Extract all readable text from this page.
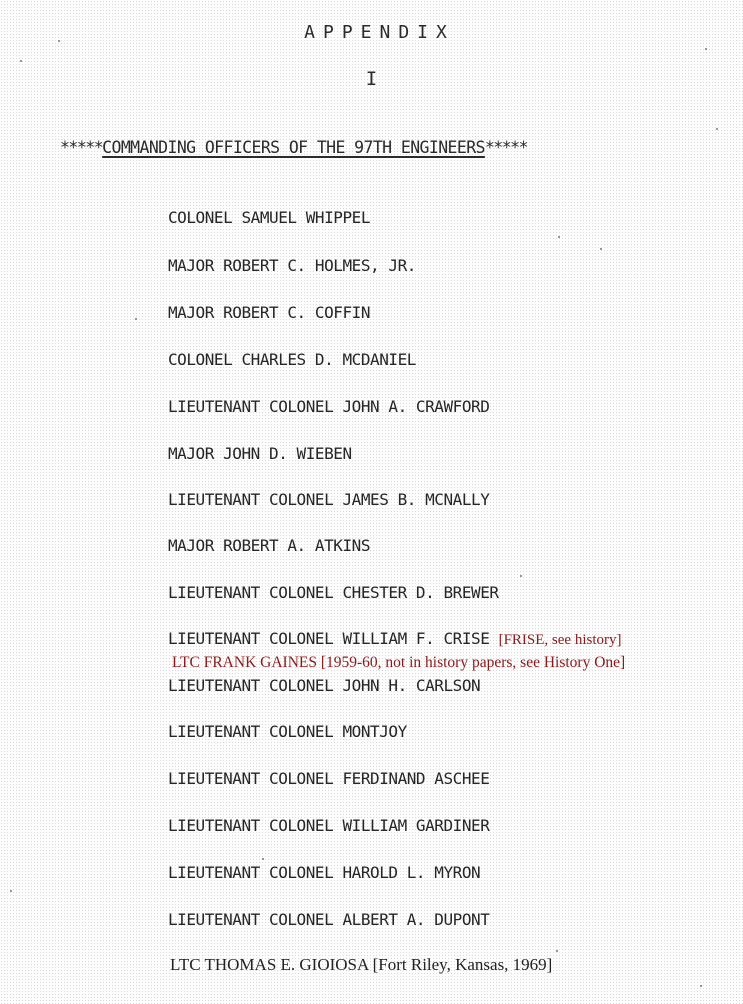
APPENDIX
I
*****COMMANDING OFFICERS OF THE 97TH ENGINEERS*****
COLONEL SAMUEL WHIPPEL
MAJOR ROBERT C. HOLMES, JR.
MAJOR ROBERT C. COFFIN
COLONEL CHARLES D. MCDANIEL
LIEUTENANT COLONEL JOHN A. CRAWFORD
MAJOR JOHN D. WIEBEN
LIEUTENANT COLONEL JAMES B. MCNALLY
MAJOR ROBERT A. ATKINS
LIEUTENANT COLONEL CHESTER D. BREWER
LIEUTENANT COLONEL WILLIAM F. CRISE [FRISE, see history]
LTC FRANK GAINES [1959-60, not in history papers, see History One]
LIEUTENANT COLONEL JOHN H. CARLSON
LIEUTENANT COLONEL MONTJOY
LIEUTENANT COLONEL FERDINAND ASCHEE
LIEUTENANT COLONEL WILLIAM GARDINER
LIEUTENANT COLONEL HAROLD L. MYRON
LIEUTENANT COLONEL ALBERT A. DUPONT
LTC THOMAS E. GIOIOSA [Fort Riley, Kansas, 1969]
